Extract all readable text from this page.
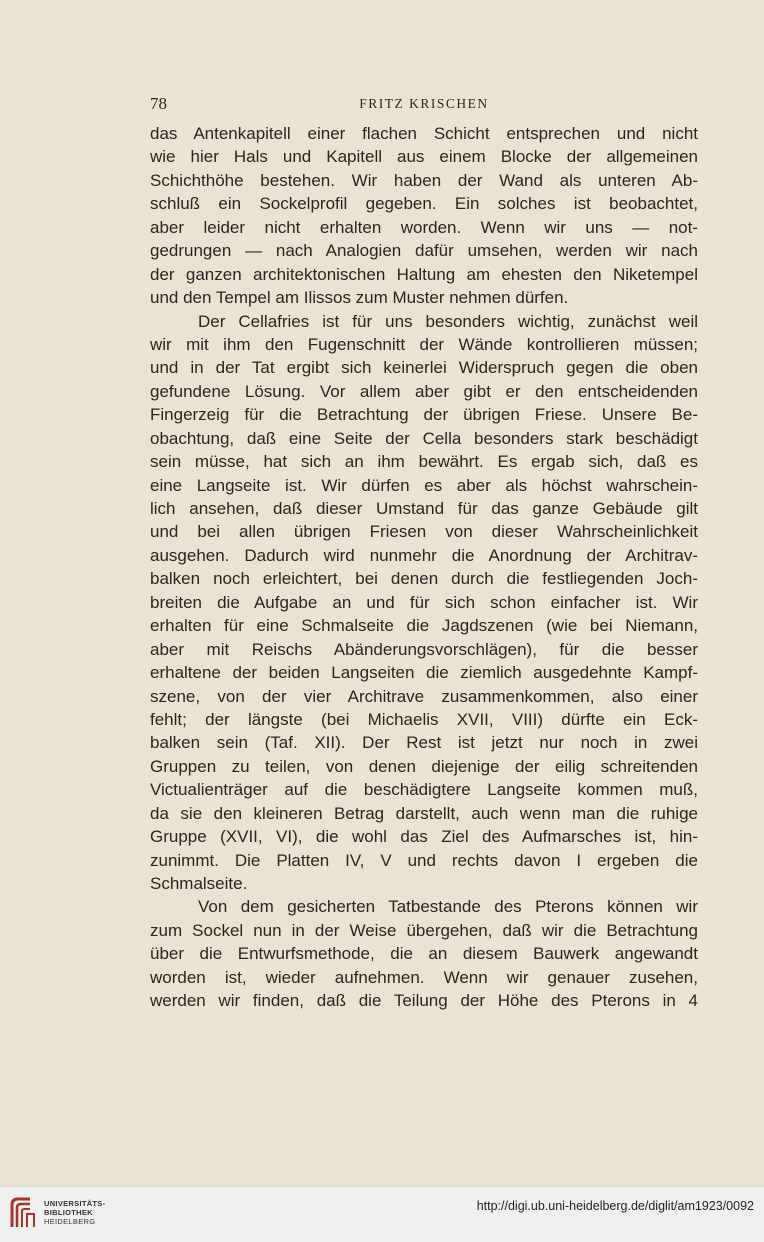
78	FRITZ KRISCHEN
das Antenkapitell einer flachen Schicht entsprechen und nicht
wie hier Hals und Kapitell aus einem Blocke der allgemeinen
Schichthöhe bestehen. Wir haben der Wand als unteren Ab-
schluß ein Sockelprofil gegeben. Ein solches ist beobachtet,
aber leider nicht erhalten worden. Wenn wir uns — not-
gedrungen — nach Analogien dafür umsehen, werden wir nach
der ganzen architektonischen Haltung am ehesten den Niketempel
und den Tempel am Ilissos zum Muster nehmen dürfen.
Der Cellafries ist für uns besonders wichtig, zunächst weil
wir mit ihm den Fugenschnitt der Wände kontrollieren müssen;
und in der Tat ergibt sich keinerlei Widerspruch gegen die oben
gefundene Lösung. Vor allem aber gibt er den entscheidenden
Fingerzeig für die Betrachtung der übrigen Friese. Unsere Be-
obachtung, daß eine Seite der Cella besonders stark beschädigt
sein müsse, hat sich an ihm bewährt. Es ergab sich, daß es
eine Langseite ist. Wir dürfen es aber als höchst wahrschein-
lich ansehen, daß dieser Umstand für das ganze Gebäude gilt
und bei allen übrigen Friesen von dieser Wahrscheinlichkeit
ausgehen. Dadurch wird nunmehr die Anordnung der Architrav-
balken noch erleichtert, bei denen durch die festliegenden Joch-
breiten die Aufgabe an und für sich schon einfacher ist. Wir
erhalten für eine Schmalseite die Jagdszenen (wie bei Niemann,
aber mit Reischs Abänderungsvorschlägen), für die besser
erhaltene der beiden Langseiten die ziemlich ausgedehnte Kampf-
szene, von der vier Architrave zusammenkommen, also einer
fehlt; der längste (bei Michaelis XVII, VIII) dürfte ein Eck-
balken sein (Taf. XII). Der Rest ist jetzt nur noch in zwei
Gruppen zu teilen, von denen diejenige der eilig schreitenden
Victualienträger auf die beschädigtere Langseite kommen muß,
da sie den kleineren Betrag darstellt, auch wenn man die ruhige
Gruppe (XVII, VI), die wohl das Ziel des Aufmarsches ist, hin-
zunimmt. Die Platten IV, V und rechts davon I ergeben die
Schmalseite.
Von dem gesicherten Tatbestande des Pterons können wir
zum Sockel nun in der Weise übergehen, daß wir die Betrachtung
über die Entwurfsmethode, die an diesem Bauwerk angewandt
worden ist, wieder aufnehmen. Wenn wir genauer zusehen,
werden wir finden, daß die Teilung der Höhe des Pterons in 4
UNIVERSITÄTS-
BIBLIOTHEK
HEIDELBERG
http://digi.ub.uni-heidelberg.de/diglit/am1923/0092
